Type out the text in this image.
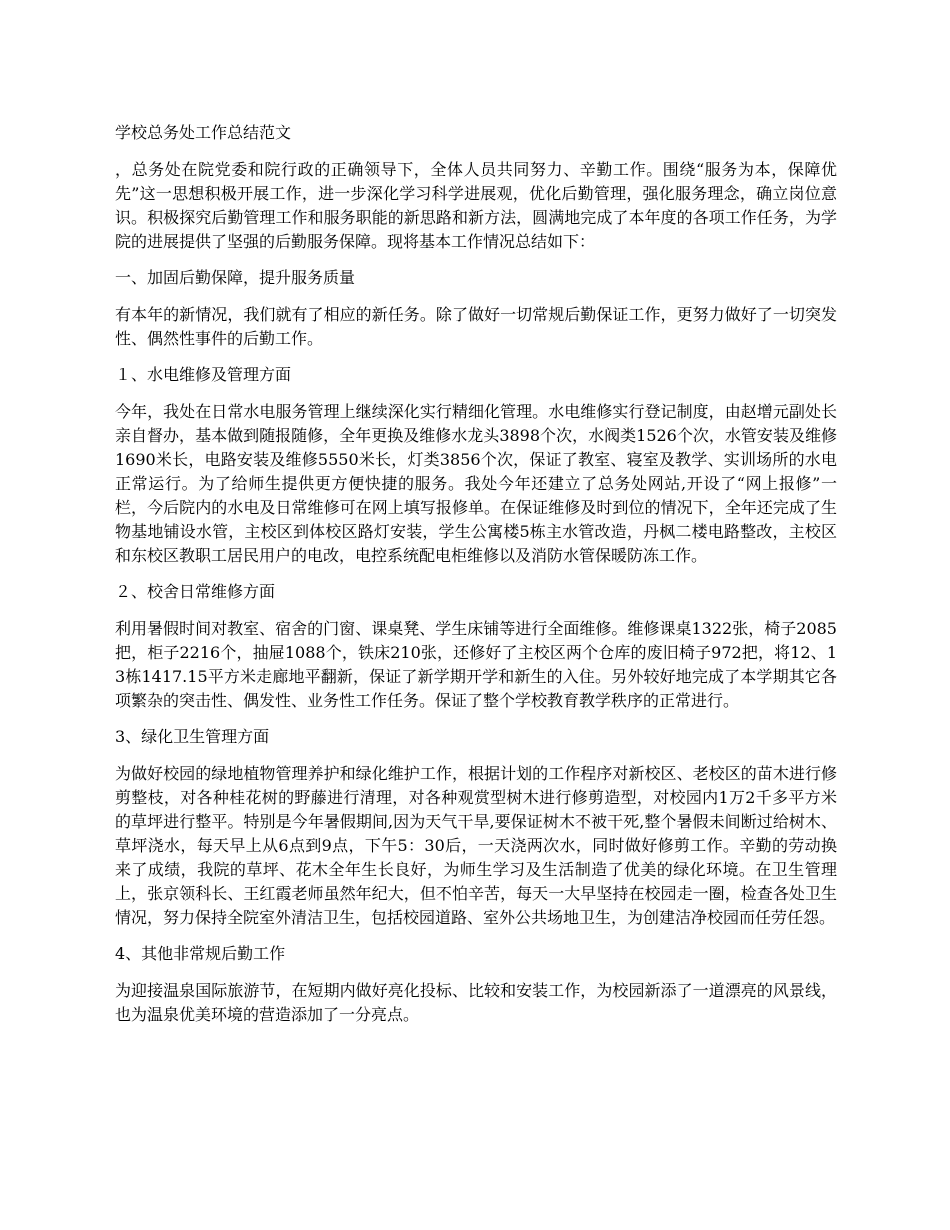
学校总务处工作总结范文

，总务处在院党委和院行政的正确领导下，全体人员共同努力、辛勤工作。围绕“服务为本，保障优先”这一思想积极开展工作，进一步深化学习科学进展观，优化后勤管理，强化服务理念，确立岗位意识。积极探究后勤管理工作和服务职能的新思路和新方法，圆满地完成了本年度的各项工作任务，为学院的进展提供了坚强的后勤服务保障。现将基本工作情况总结如下：

一、加固后勤保障，提升服务质量

有本年的新情况，我们就有了相应的新任务。除了做好一切常规后勤保证工作，更努力做好了一切突发性、偶然性事件的后勤工作。

１、水电维修及管理方面

今年，我处在日常水电服务管理上继续深化实行精细化管理。水电维修实行登记制度，由赵增元副处长亲自督办，基本做到随报随修，全年更换及维修水龙头3898个次，水阀类1526个次，水管安装及维修1690米长，电路安装及维修5550米长，灯类3856个次，保证了教室、寝室及教学、实训场所的水电正常运行。为了给师生提供更方便快捷的服务。我处今年还建立了总务处网站,开设了“网上报修”一栏，今后院内的水电及日常维修可在网上填写报修单。在保证维修及时到位的情况下，全年还完成了生物基地铺设水管，主校区到体校区路灯安装，学生公寓楼5栋主水管改造，丹枫二楼电路整改，主校区和东校区教职工居民用户的电改，电控系统配电柜维修以及消防水管保暖防冻工作。

２、校舍日常维修方面

利用暑假时间对教室、宿舍的门窗、课桌凳、学生床铺等进行全面维修。维修课桌1322张，椅子2085把，柜子2216个，抽屉1088个，铁床210张，还修好了主校区两个仓库的废旧椅子972把，将12、13栋1417.15平方米走廊地平翻新，保证了新学期开学和新生的入住。另外较好地完成了本学期其它各项繁杂的突击性、偶发性、业务性工作任务。保证了整个学校教育教学秩序的正常进行。

3、绿化卫生管理方面

为做好校园的绿地植物管理养护和绿化维护工作，根据计划的工作程序对新校区、老校区的苗木进行修剪整枝，对各种桂花树的野藤进行清理，对各种观赏型树木进行修剪造型，对校园内1万2千多平方米的草坪进行整平。特别是今年暑假期间,因为天气干旱,要保证树木不被干死,整个暑假未间断过给树木、草坪浇水，每天早上从6点到9点，下午5：30后，一天浇两次水，同时做好修剪工作。辛勤的劳动换来了成绩，我院的草坪、花木全年生长良好，为师生学习及生活制造了优美的绿化环境。在卫生管理上，张京领科长、王红霞老师虽然年纪大，但不怕辛苦，每天一大早坚持在校园走一圈，检查各处卫生情况，努力保持全院室外清洁卫生，包括校园道路、室外公共场地卫生，为创建洁净校园而任劳任怨。

4、其他非常规后勤工作

为迎接温泉国际旅游节，在短期内做好亮化投标、比较和安装工作，为校园新添了一道漂亮的风景线，也为温泉优美环境的营造添加了一分亮点。
